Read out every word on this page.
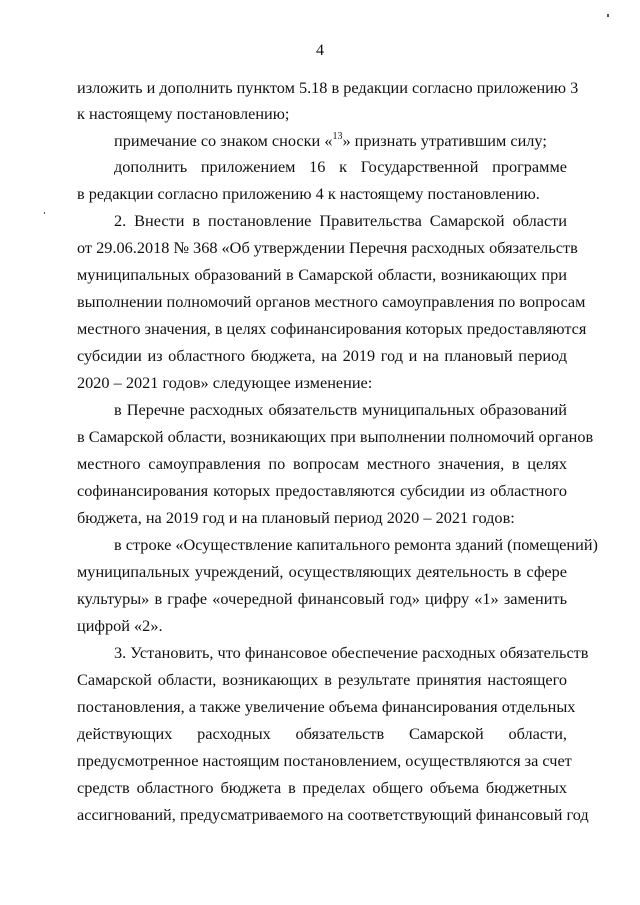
4
изложить и дополнить пунктом 5.18 в редакции согласно приложению 3
к настоящему постановлению;
примечание со знаком сноски «$^{13}$» признать утратившим силу;
дополнить приложением 16 к Государственной программе
в редакции согласно приложению 4 к настоящему постановлению.
2. Внести в постановление Правительства Самарской области
от 29.06.2018 № 368 «Об утверждении Перечня расходных обязательств
муниципальных образований в Самарской области, возникающих при
выполнении полномочий органов местного самоуправления по вопросам
местного значения, в целях софинансирования которых предоставляются
субсидии из областного бюджета, на 2019 год и на плановый период
2020 – 2021 годов» следующее изменение:
в Перечне расходных обязательств муниципальных образований
в Самарской области, возникающих при выполнении полномочий органов
местного самоуправления по вопросам местного значения, в целях
софинансирования которых предоставляются субсидии из областного
бюджета, на 2019 год и на плановый период 2020 – 2021 годов:
в строке «Осуществление капитального ремонта зданий (помещений)
муниципальных учреждений, осуществляющих деятельность в сфере
культуры» в графе «очередной финансовый год» цифру «1» заменить
цифрой «2».
3. Установить, что финансовое обеспечение расходных обязательств
Самарской области, возникающих в результате принятия настоящего
постановления, а также увеличение объема финансирования отдельных
действующих расходных обязательств Самарской области,
предусмотренное настоящим постановлением, осуществляются за счет
средств областного бюджета в пределах общего объема бюджетных
ассигнований, предусматриваемого на соответствующий финансовый год
